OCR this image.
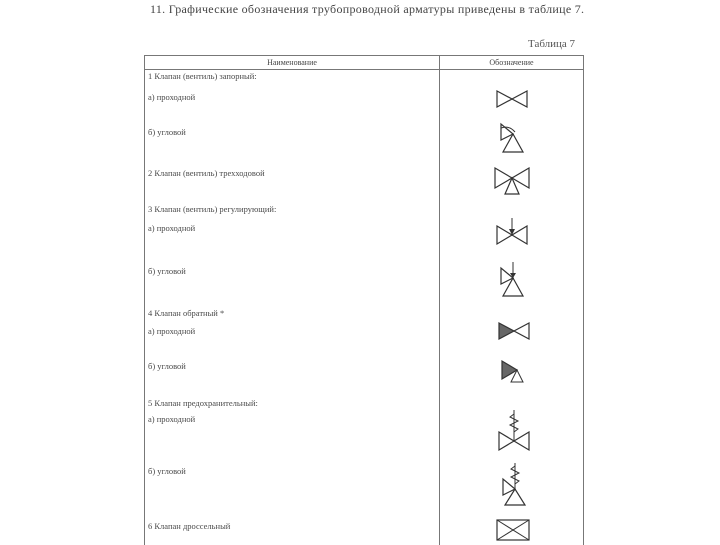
11. Графические обозначения трубопроводной арматуры приведены в таблице 7.
Таблица 7
Наименование	Обозначение
1 Клапан (вентиль) запорный:
а) проходной
б) угловой
2 Клапан (вентиль) трехходовой
3 Клапан (вентиль) регулирующий:
а) проходной
б) угловой
4 Клапан обратный *
а) проходной
б) угловой
5 Клапан предохранительный:
а) проходной
б) угловой
6 Клапан дроссельный
